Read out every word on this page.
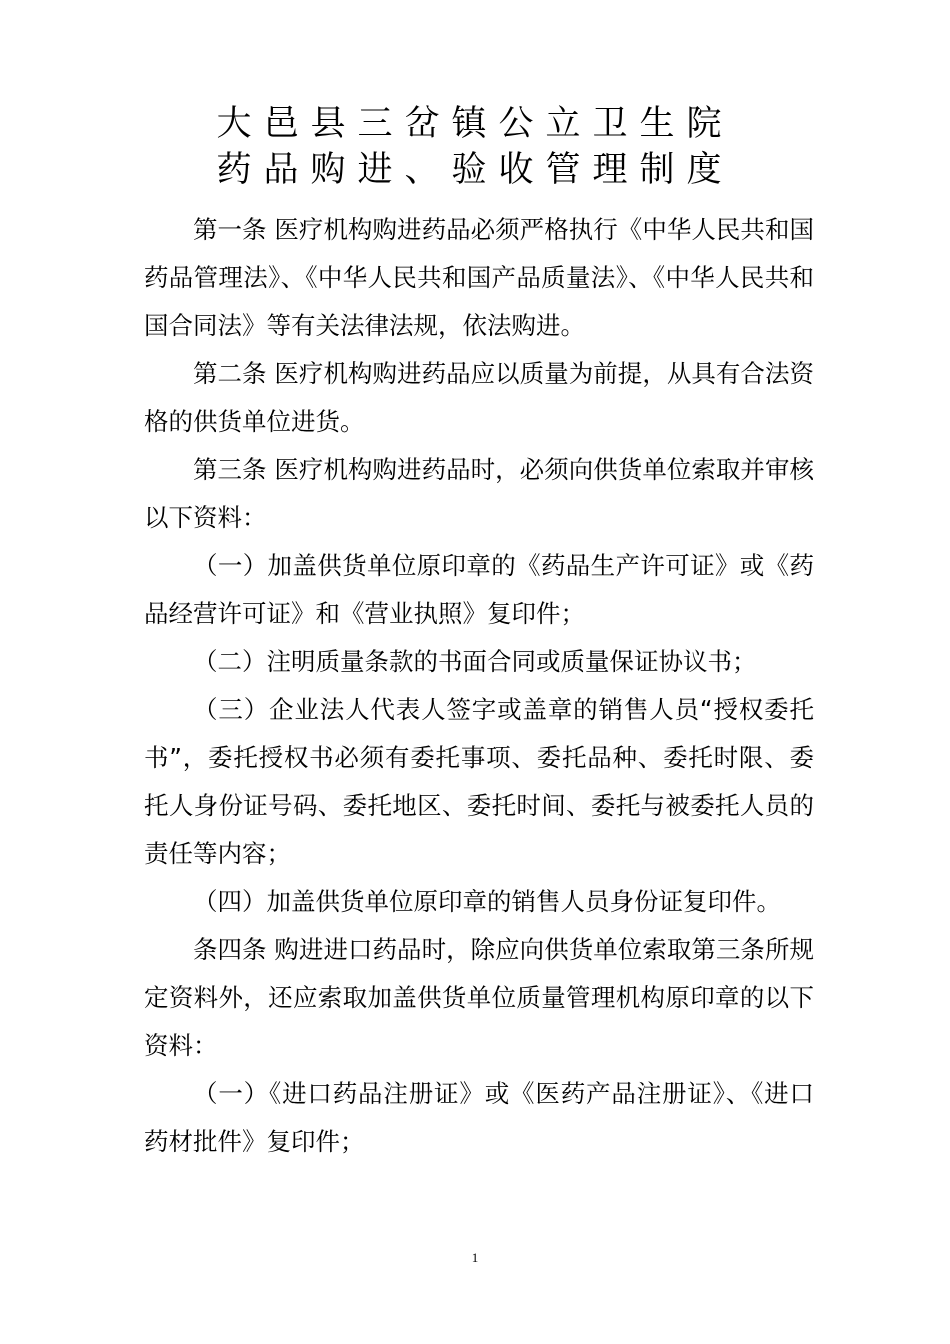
大邑县三岔镇公立卫生院
药品购进、验收管理制度

第一条 医疗机构购进药品必须严格执行《中华人民共和国药品管理法》、《中华人民共和国产品质量法》、《中华人民共和国合同法》等有关法律法规，依法购进。

第二条 医疗机构购进药品应以质量为前提，从具有合法资格的供货单位进货。

第三条 医疗机构购进药品时，必须向供货单位索取并审核以下资料：

（一）加盖供货单位原印章的《药品生产许可证》或《药品经营许可证》和《营业执照》复印件；

（二）注明质量条款的书面合同或质量保证协议书；

（三）企业法人代表人签字或盖章的销售人员“授权委托书”，委托授权书必须有委托事项、委托品种、委托时限、委托人身份证号码、委托地区、委托时间、委托与被委托人员的责任等内容；

（四）加盖供货单位原印章的销售人员身份证复印件。

条四条 购进进口药品时，除应向供货单位索取第三条所规定资料外，还应索取加盖供货单位质量管理机构原印章的以下资料：

（一）《进口药品注册证》或《医药产品注册证》、《进口药材批件》复印件；

1
